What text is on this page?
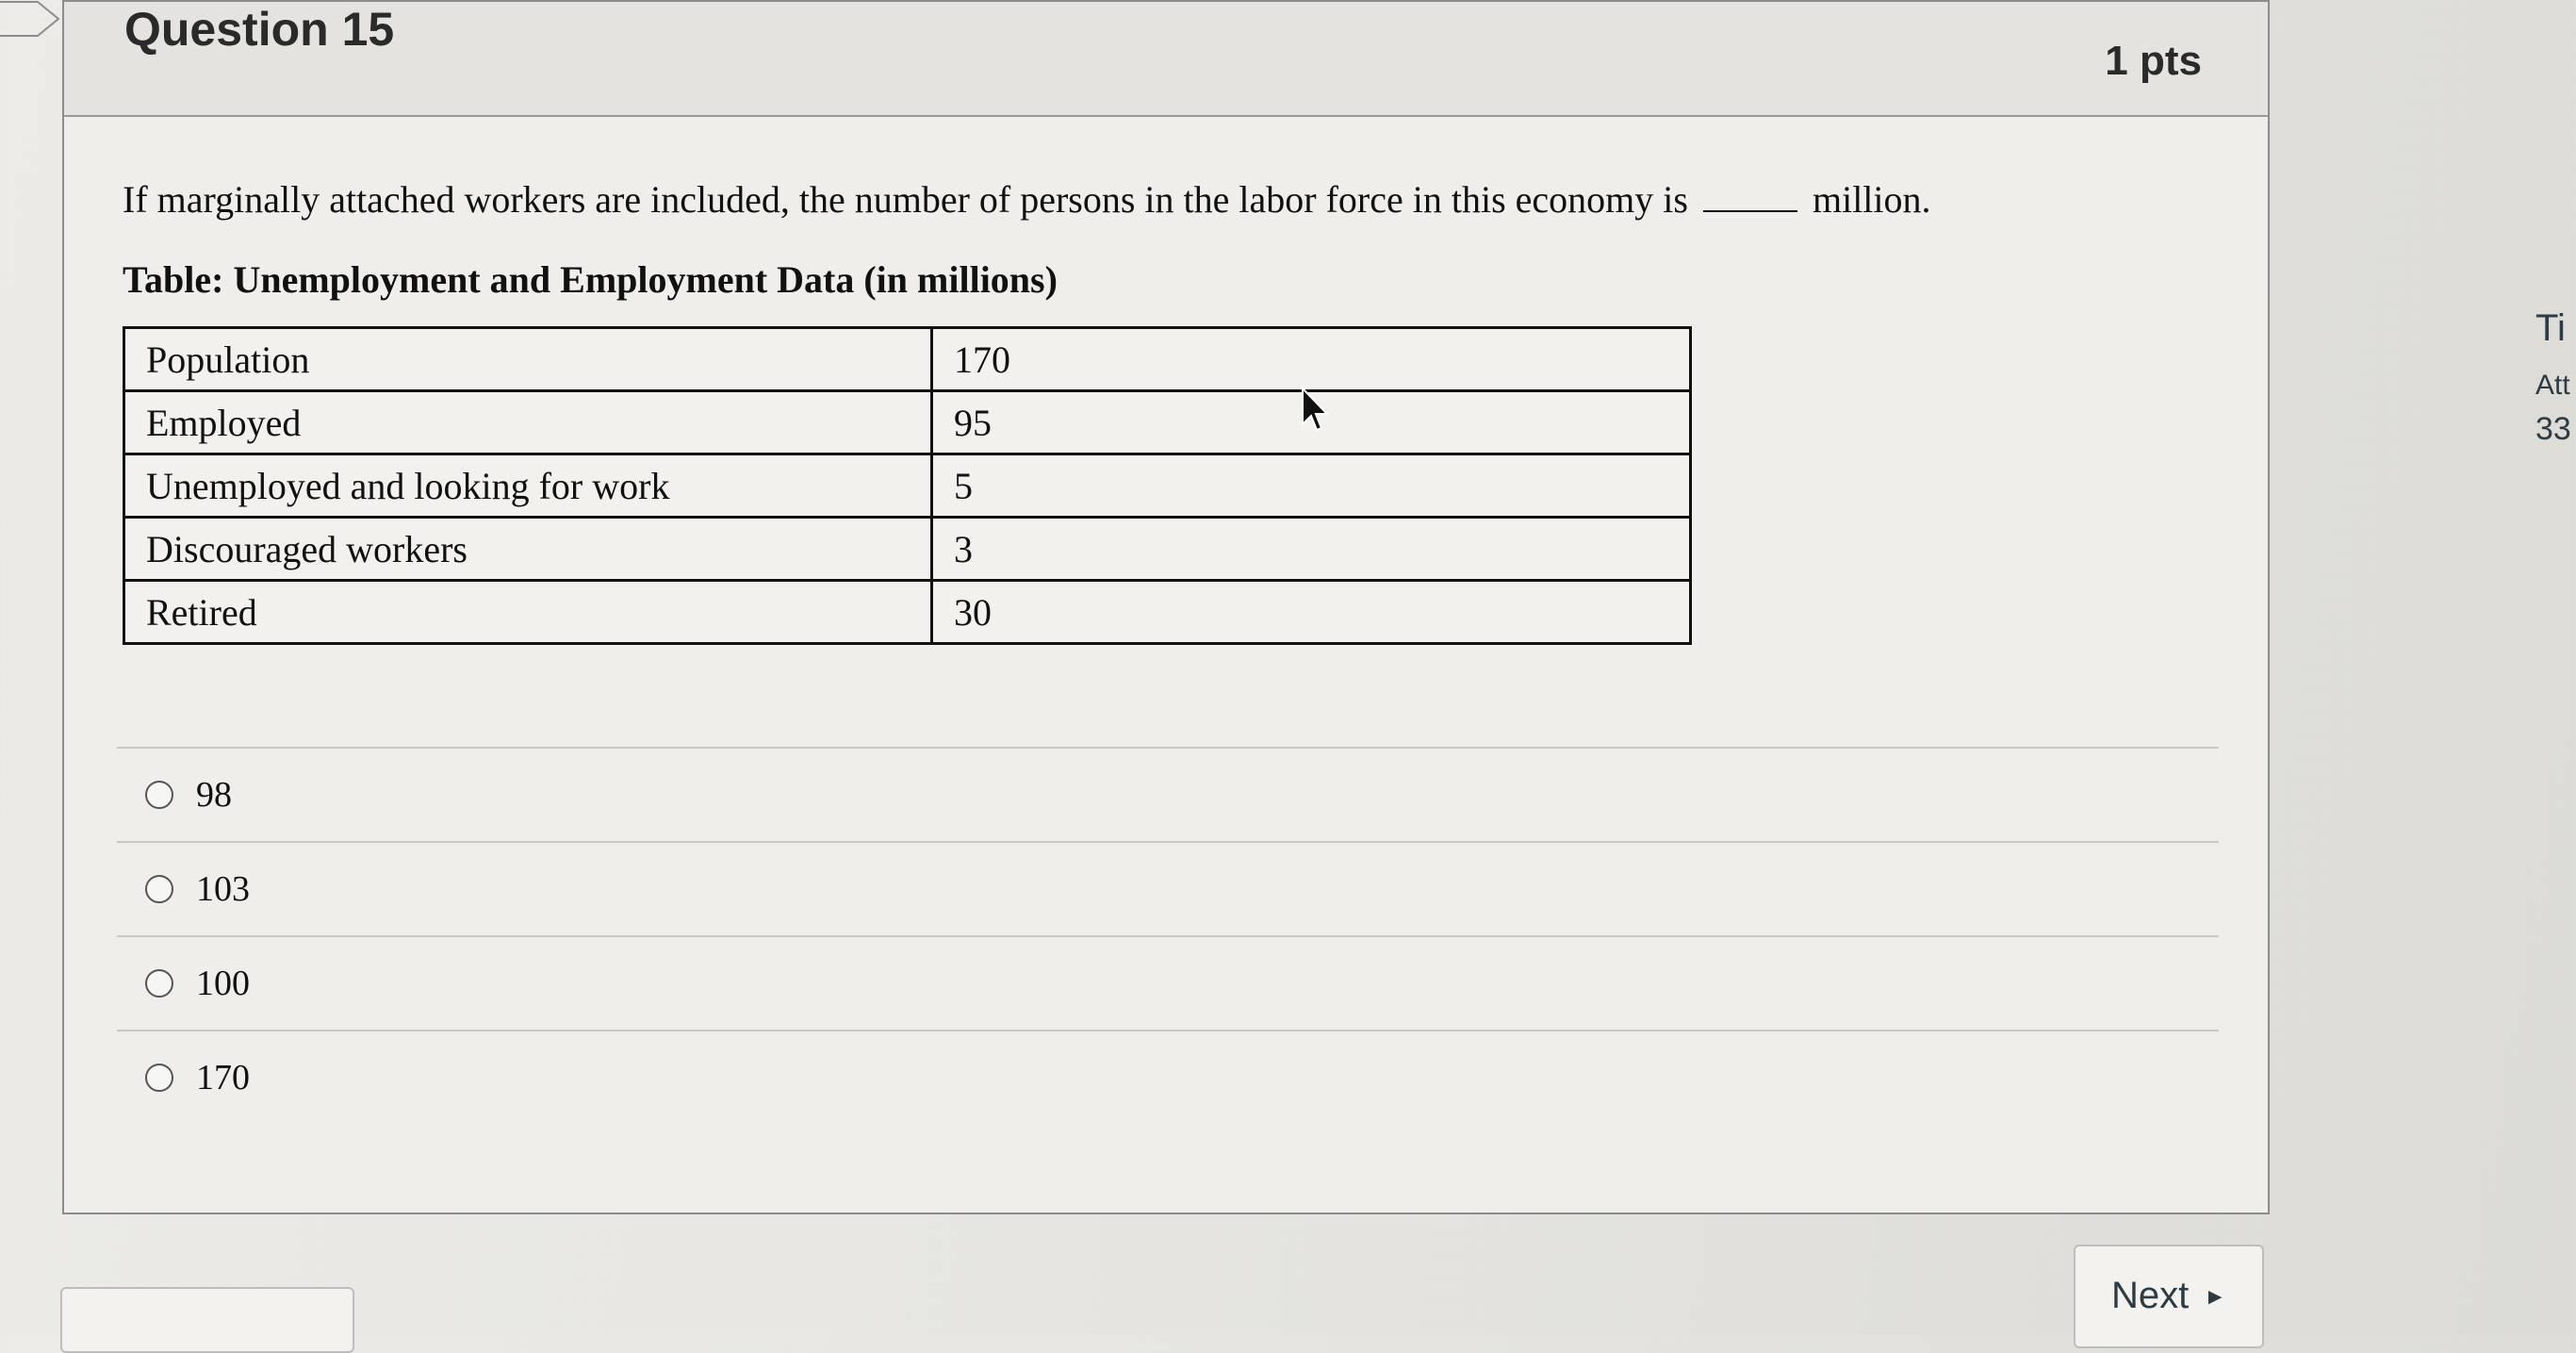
Question 15
1 pts

If marginally attached workers are included, the number of persons in the labor force in this economy is	million.

Table: Unemployment and Employment Data (in millions)
Population	170
Employed	95
Unemployed and looking for work	5
Discouraged workers	3
Retired	30
98
103
100
170
Next ►
Ti
Att
33
